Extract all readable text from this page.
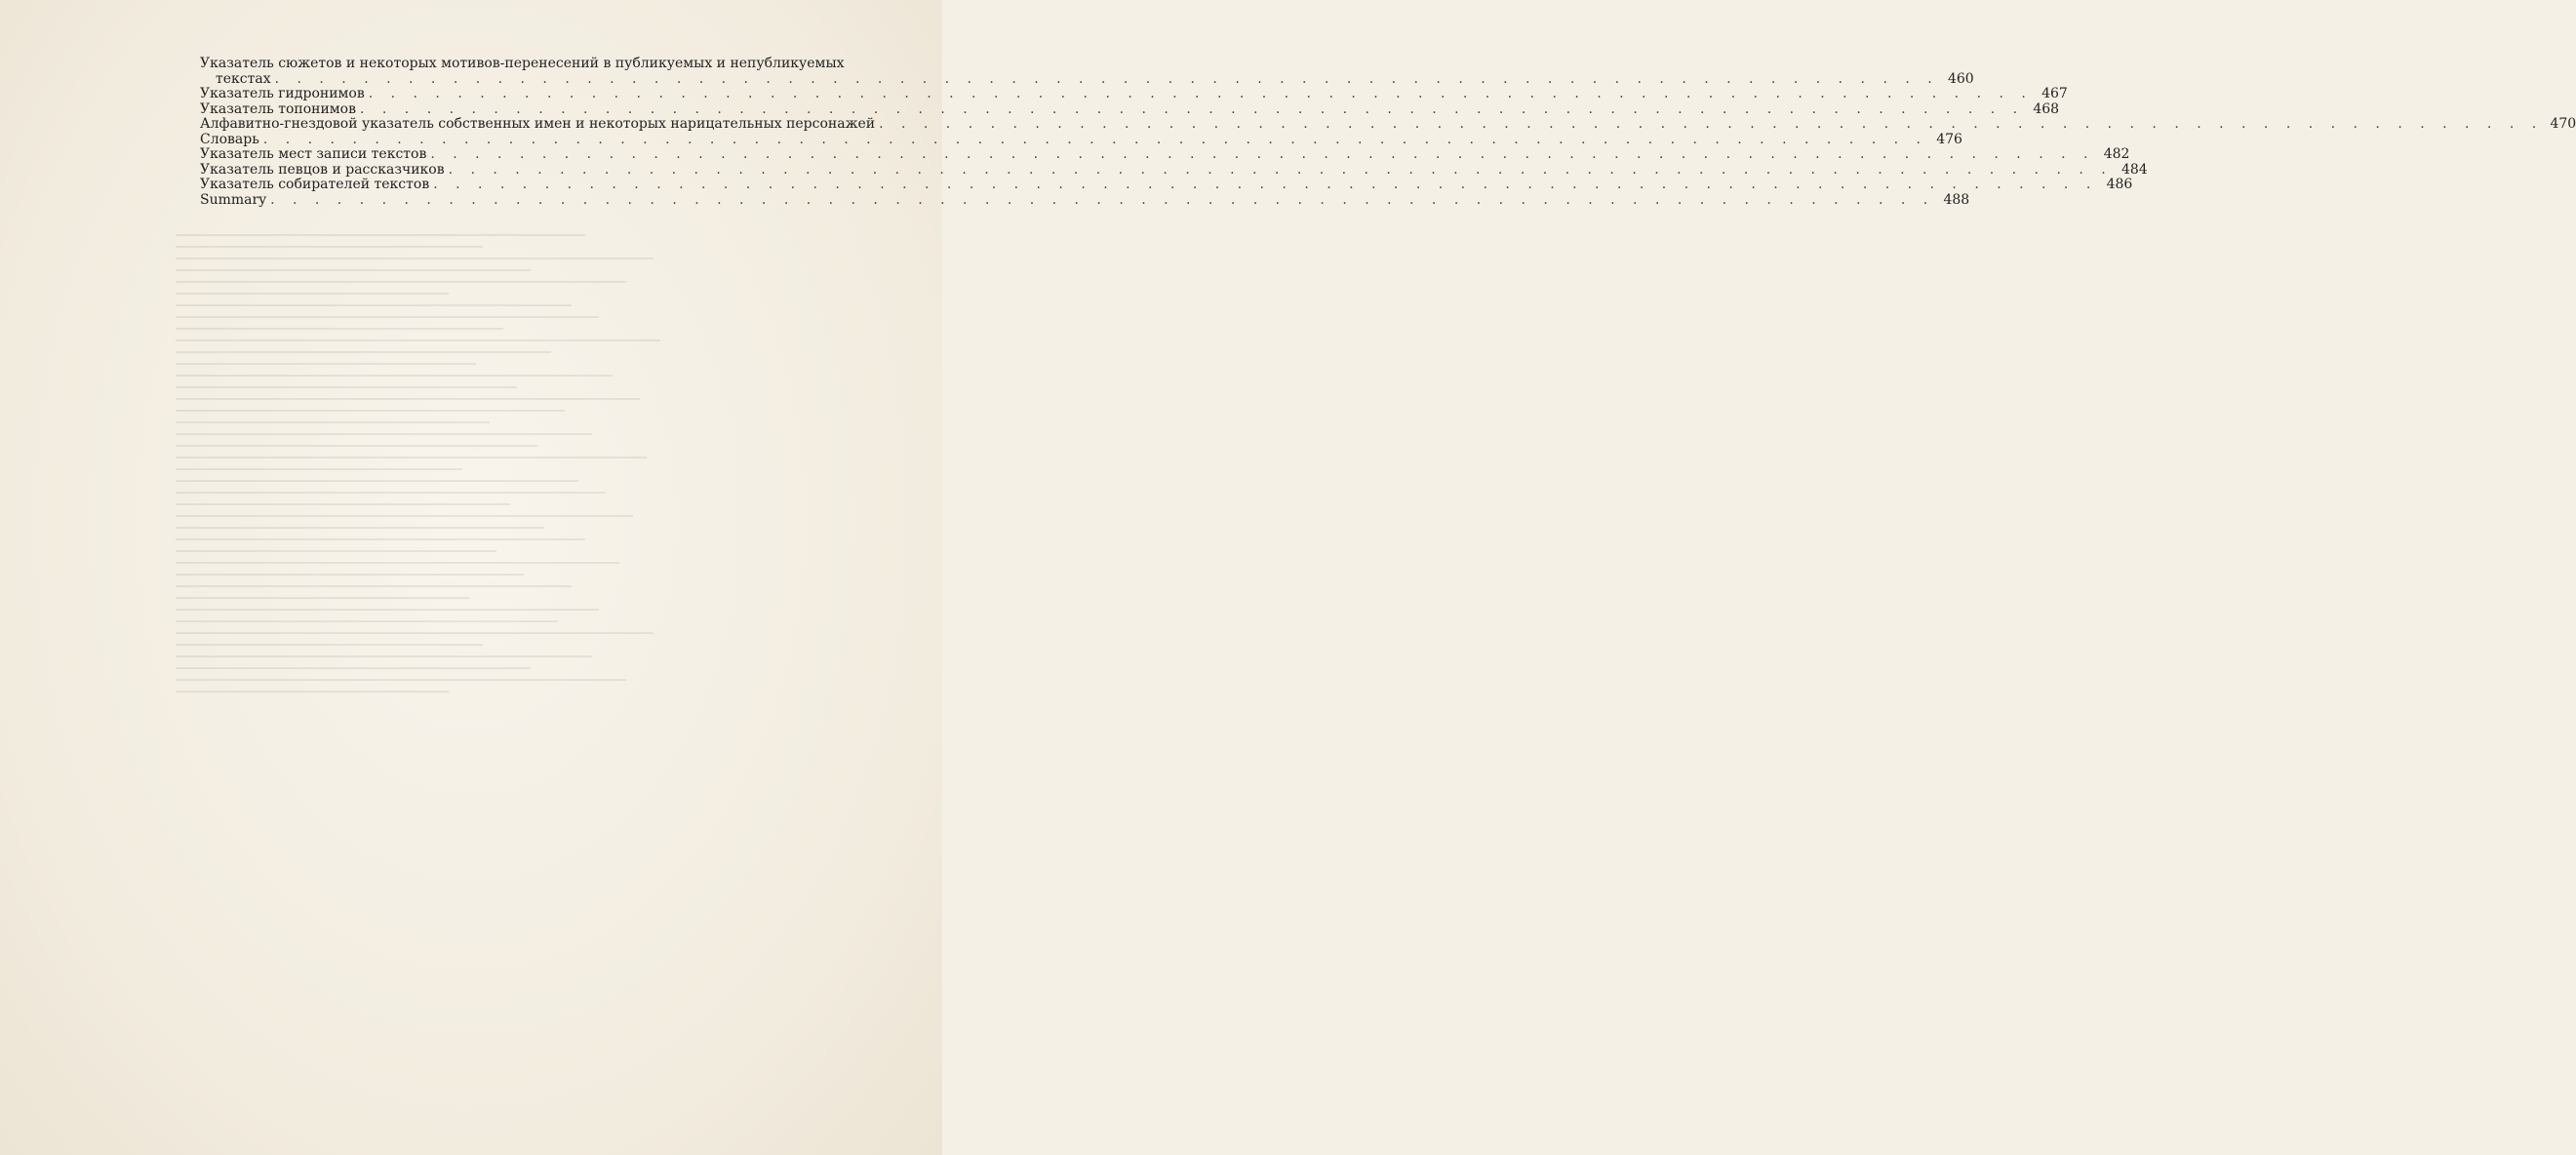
Указатель сюжетов и некоторых мотивов-перенесений в публикуемых и непубликуемых
текстах . . .	460
Указатель гидронимов . . .	467
Указатель топонимов . . .	468
Алфавитно-гнездовой указатель собственных имен и некоторых нарицательных персонажей . . .	470
Словарь . . .	476
Указатель мест записи текстов . . .	482
Указатель певцов и рассказчиков . . .	484
Указатель собирателей текстов . . .	486
Summary . . .	488
